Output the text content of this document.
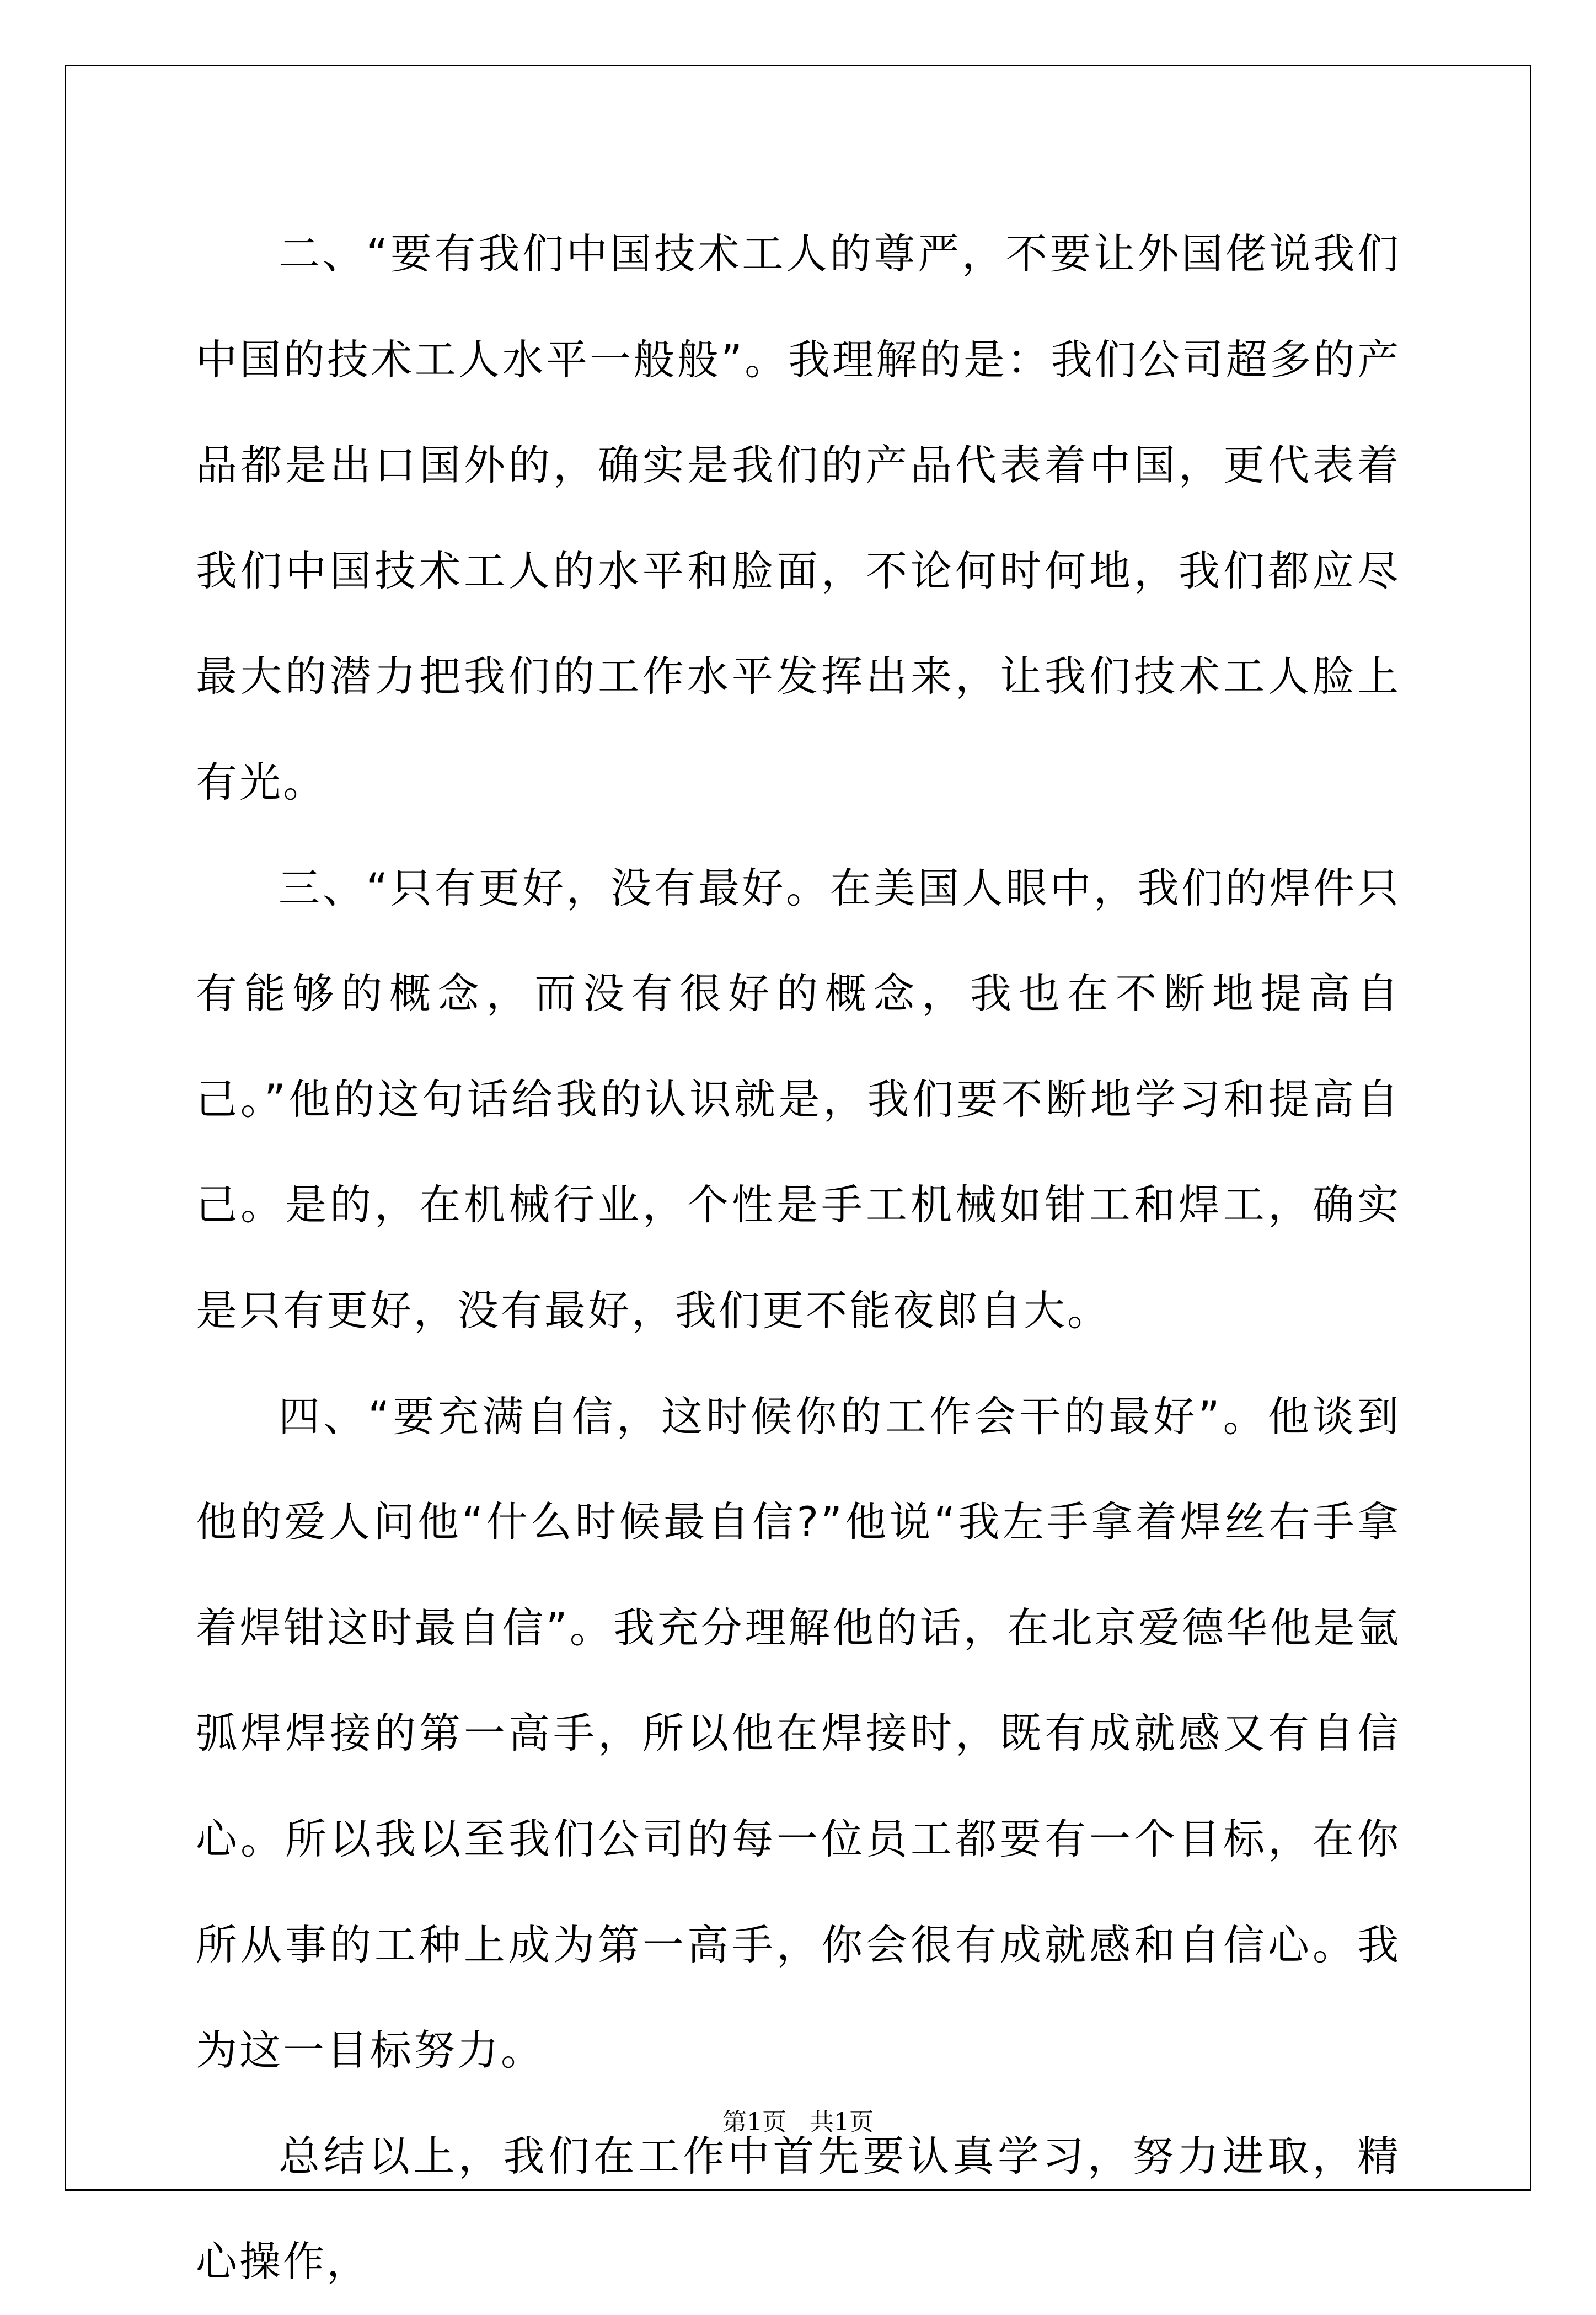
二、“要有我们中国技术工人的尊严，不要让外国佬说我们中国的技术工人水平一般般”。我理解的是：我们公司超多的产品都是出口国外的，确实是我们的产品代表着中国，更代表着我们中国技术工人的水平和脸面，不论何时何地，我们都应尽最大的潜力把我们的工作水平发挥出来，让我们技术工人脸上有光。

三、“只有更好，没有最好。在美国人眼中，我们的焊件只有能够的概念，而没有很好的概念，我也在不断地提高自己。”他的这句话给我的认识就是，我们要不断地学习和提高自己。是的，在机械行业，个性是手工机械如钳工和焊工，确实是只有更好，没有最好，我们更不能夜郎自大。

四、“要充满自信，这时候你的工作会干的最好”。他谈到他的爱人问他“什么时候最自信?”他说“我左手拿着焊丝右手拿着焊钳这时最自信”。我充分理解他的话，在北京爱德华他是氩弧焊焊接的第一高手，所以他在焊接时，既有成就感又有自信心。所以我以至我们公司的每一位员工都要有一个目标，在你所从事的工种上成为第一高手，你会很有成就感和自信心。我为这一目标努力。

总结以上，我们在工作中首先要认真学习，努力进取，精心操作，

第1页   共1页
